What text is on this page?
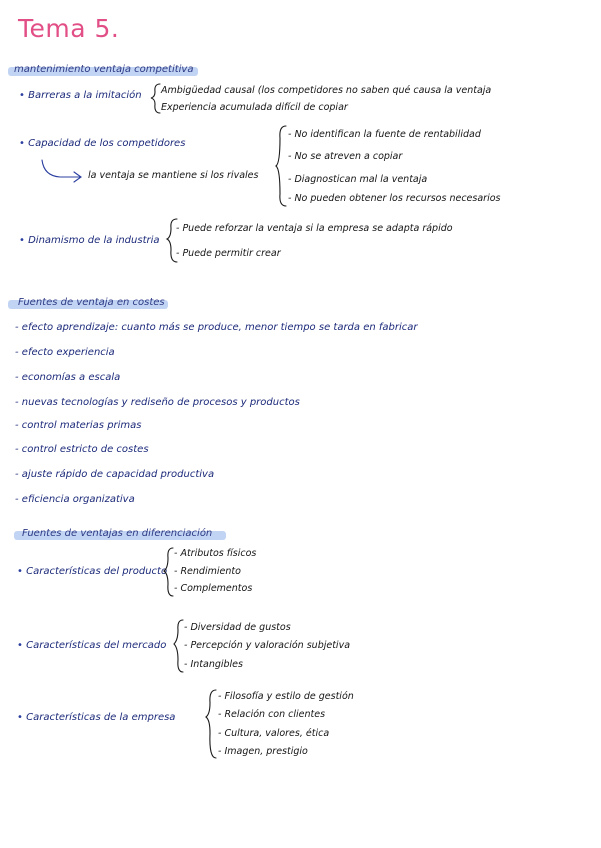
Tema 5.
mantenimiento ventaja competitiva
• Barreras a la imitación Ambigüedad causal (los competidores no saben qué causa la ventaja
Experiencia acumulada difícil de copiar
• Capacidad de los competidores
la ventaja se mantiene si los rivales
- No identifican la fuente de rentabilidad
- No se atreven a copiar
- Diagnostican mal la ventaja
- No pueden obtener los recursos necesarios
• Dinamismo de la industria
- Puede reforzar la ventaja si la empresa se adapta rápido
- Puede permitir crear
Fuentes de ventaja en costes
- efecto aprendizaje: cuanto más se produce, menor tiempo se tarda en fabricar
- efecto experiencia
- economías a escala
- nuevas tecnologías y rediseño de procesos y productos
- control materias primas
- control estricto de costes
- ajuste rápido de capacidad productiva
- eficiencia organizativa
Fuentes de ventajas en diferenciación
• Características del producto
- Atributos físicos
- Rendimiento
- Complementos
• Características del mercado
- Diversidad de gustos
- Percepción y valoración subjetiva
- Intangibles
• Características de la empresa
- Filosofía y estilo de gestión
- Relación con clientes
- Cultura, valores, ética
- Imagen, prestigio
